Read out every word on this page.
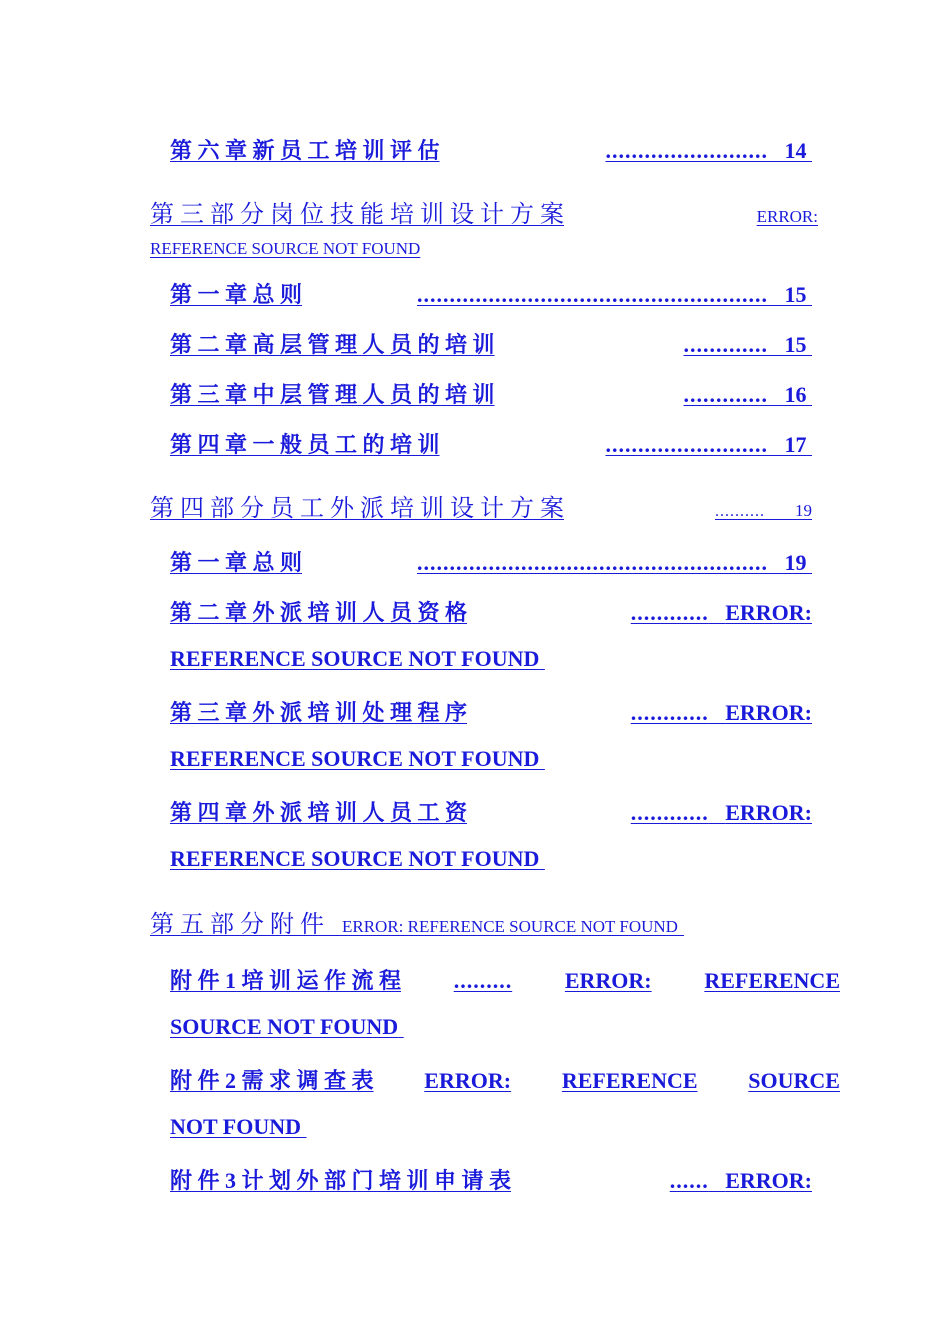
第 六 章 新 员 工 培 训 评 估	......................... 14
第 三 部 分 岗 位 技 能 培 训 设 计 方 案	ERROR:
REFERENCE SOURCE NOT FOUND
第 一 章 总 则	...................................................... 15
第 二 章 高 层 管 理 人 员 的 培 训	............. 15
第 三 章 中 层 管 理 人 员 的 培 训	............. 16
第 四 章 一 般 员 工 的 培 训	......................... 17
第 四 部 分 员 工 外 派 培 训 设 计 方 案	.......... 19
第 一 章 总 则	...................................................... 19
第 二 章 外 派 培 训 人 员 资 格	............ ERROR:
REFERENCE SOURCE NOT FOUND
第 三 章 外 派 培 训 处 理 程 序	............ ERROR:
REFERENCE SOURCE NOT FOUND
第 四 章 外 派 培 训 人 员 工 资	............ ERROR:
REFERENCE SOURCE NOT FOUND
第 五 部 分 附 件 ERROR: REFERENCE SOURCE NOT FOUND
附 件 1 培 训 运 作 流 程 ......... ERROR: REFERENCE
SOURCE NOT FOUND
附 件 2 需 求 调 查 表 ERROR: REFERENCE SOURCE
NOT FOUND
附 件 3 计 划 外 部 门 培 训 申 请 表	...... ERROR:
